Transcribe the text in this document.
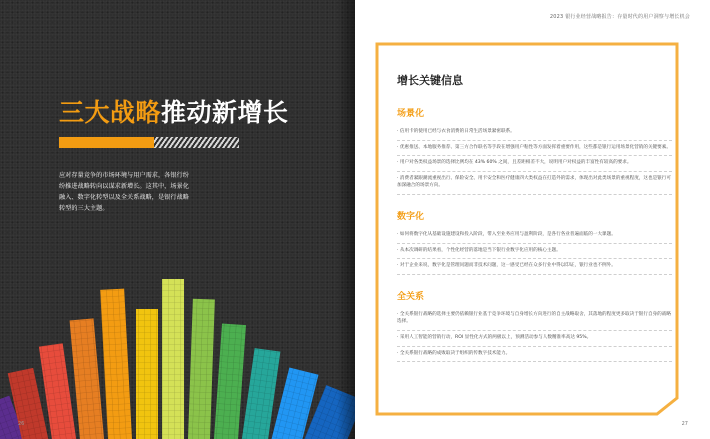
三大战略推动新增长

应对存量竞争的市场环境与用户需求，各银行纷纷推进战略转向以谋求新增长。这其中，场景化融入、数字化转型以及全关系战略，是银行战略转型的三大主题。

26
2023 银行业经营战略报告：存量时代的用户洞察与增长机会
增长关键信息
场景化
· 信用卡的使用已经与衣食消费的日常生活场景紧密联系。
· 优惠推送、本地服务推荐、第三方合作联名等手段在增强用户粘性等方面发挥着重要作用，这些都是银行运用场景化营销的关键要素。
· 用户对各类权益场景的选择比例均在 43% 60% 之间，且差距相差不大，说明用户对权益的丰富性有较高的要求。
· 消费者紧跟潮流重视出行、保险安全、用卡安全和医疗健康四大类权益在打造外的需求，体现出对此类场景的重视程度，这也是银行可加深融合的场景方向。
数字化
· 如何将数字化从基础设施建设和投入阶段，带入至业务应用与盈利阶段，是各行各业普遍面临的一大课题。
· 从本次调研的结果看，个性化经营的落地是当下银行业数字化应用的核心主题。
· 对于企业来说，数字化是管理问题而非技术问题，这一感受已经在众多行业中得以印证，银行业也不例外。
全关系
· 全关系银行战略的选择主要仍依赖银行业基于竞争环境与自身增长方向进行的自主战略取舍，其落地的程度更多取决于银行自身的战略选择。
· 采用人工智能的营销行动，ROI 显性化方式的两极以上，预测活动参与人数精准率高达 95%。
· 全关系银行战略的成败取决于组织的传数字技术能力。
27
